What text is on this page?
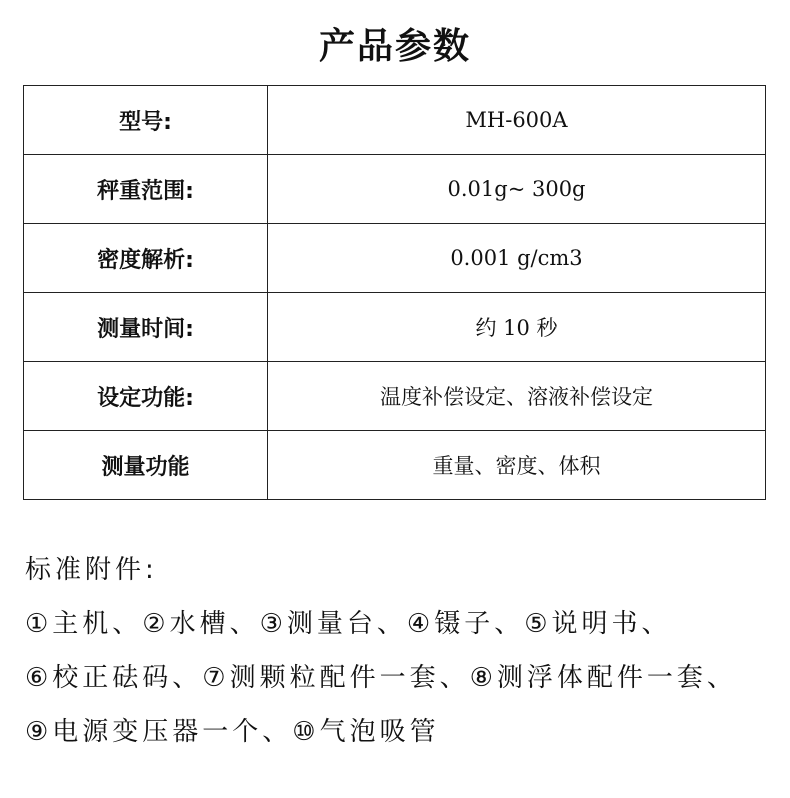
产品参数
型号:	MH-600A
秤重范围:	0.01g~ 300g
密度解析:	0.001 g/cm3
测量时间:	约 10 秒
设定功能:	温度补偿设定、溶液补偿设定
测量功能	重量、密度、体积
标准附件:
①主机、②水槽、③测量台、④镊子、⑤说明书、
⑥校正砝码、⑦测颗粒配件一套、⑧测浮体配件一套、
⑨电源变压器一个、⑩气泡吸管
